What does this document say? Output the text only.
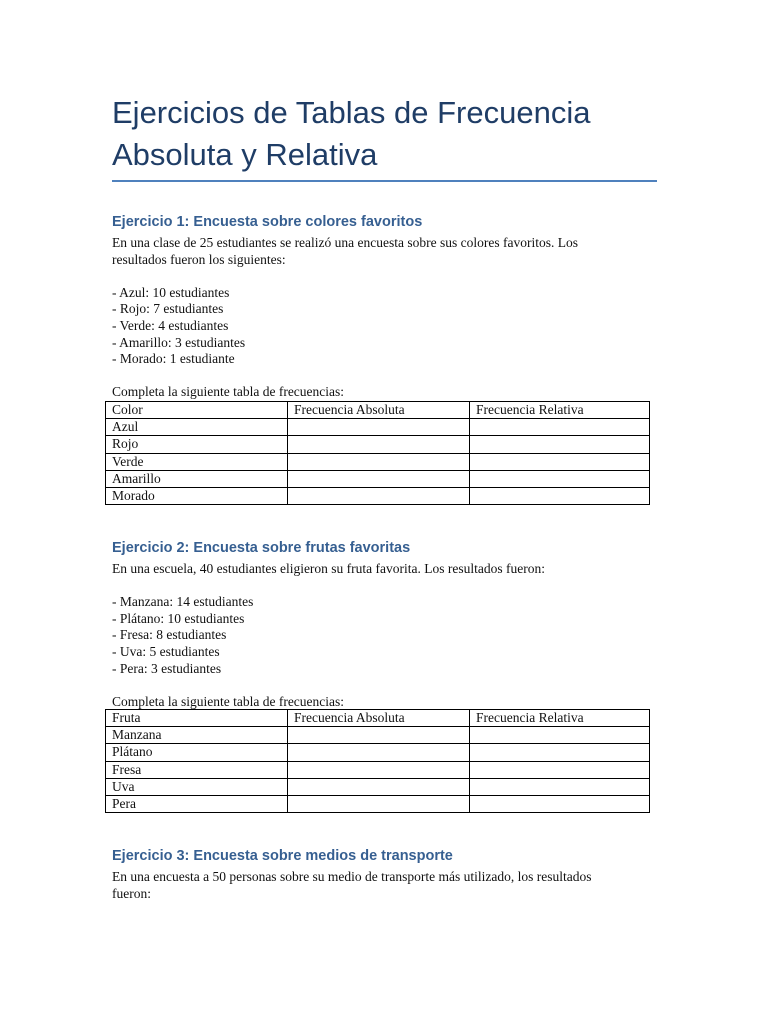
Ejercicios de Tablas de Frecuencia
Absoluta y Relativa
Ejercicio 1: Encuesta sobre colores favoritos
En una clase de 25 estudiantes se realizó una encuesta sobre sus colores favoritos. Los
resultados fueron los siguientes:
- Azul: 10 estudiantes
- Rojo: 7 estudiantes
- Verde: 4 estudiantes
- Amarillo: 3 estudiantes
- Morado: 1 estudiante
Completa la siguiente tabla de frecuencias:
Color	Frecuencia Absoluta	Frecuencia Relativa
Azul		
Rojo		
Verde		
Amarillo		
Morado		
Ejercicio 2: Encuesta sobre frutas favoritas
En una escuela, 40 estudiantes eligieron su fruta favorita. Los resultados fueron:
- Manzana: 14 estudiantes
- Plátano: 10 estudiantes
- Fresa: 8 estudiantes
- Uva: 5 estudiantes
- Pera: 3 estudiantes
Completa la siguiente tabla de frecuencias:
Fruta	Frecuencia Absoluta	Frecuencia Relativa
Manzana		
Plátano		
Fresa		
Uva		
Pera		
Ejercicio 3: Encuesta sobre medios de transporte
En una encuesta a 50 personas sobre su medio de transporte más utilizado, los resultados
fueron:
